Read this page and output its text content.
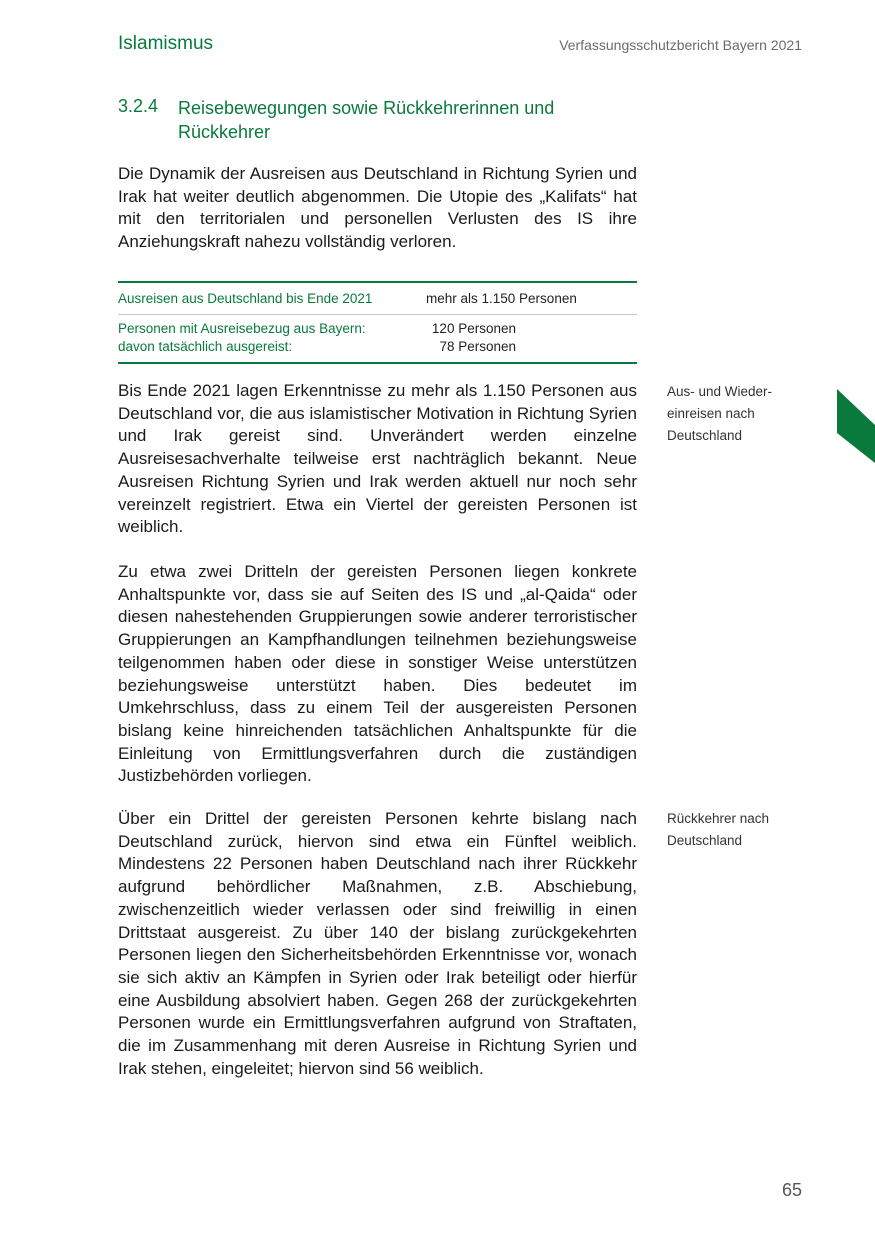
Islamismus	Verfassungsschutzbericht Bayern 2021
3.2.4 Reisebewegungen sowie Rückkehrerinnen und Rückkehrer

Die Dynamik der Ausreisen aus Deutschland in Richtung Syrien und Irak hat weiter deutlich abgenommen. Die Utopie des „Kalifats“ hat mit den territorialen und personellen Verlusten des IS ihre Anziehungskraft nahezu vollständig verloren.

Ausreisen aus Deutschland bis Ende 2021	mehr als 1.150 Personen
Personen mit Ausreisebezug aus Bayern:
davon tatsächlich ausgereist:
120 Personen
78 Personen

Bis Ende 2021 lagen Erkenntnisse zu mehr als 1.150 Personen aus Deutschland vor, die aus islamistischer Motivation in Richtung Syrien und Irak gereist sind. Unverändert werden einzelne Ausreisesachverhalte teilweise erst nachträglich bekannt. Neue Ausreisen Richtung Syrien und Irak werden aktuell nur noch sehr vereinzelt registriert. Etwa ein Viertel der gereisten Personen ist weiblich.

Zu etwa zwei Dritteln der gereisten Personen liegen konkrete Anhaltspunkte vor, dass sie auf Seiten des IS und „al-Qaida“ oder diesen nahestehenden Gruppierungen sowie anderer terroristischer Gruppierungen an Kampfhandlungen teilnehmen beziehungsweise teilgenommen haben oder diese in sonstiger Weise unterstützen beziehungsweise unterstützt haben. Dies bedeutet im Umkehrschluss, dass zu einem Teil der ausgereisten Personen bislang keine hinreichenden tatsächlichen Anhaltspunkte für die Einleitung von Ermittlungsverfahren durch die zuständigen Justizbehörden vorliegen.

Über ein Drittel der gereisten Personen kehrte bislang nach Deutschland zurück, hiervon sind etwa ein Fünftel weiblich. Mindestens 22 Personen haben Deutschland nach ihrer Rückkehr aufgrund behördlicher Maßnahmen, z.B. Abschiebung, zwischenzeitlich wieder verlassen oder sind freiwillig in einen Drittstaat ausgereist. Zu über 140 der bislang zurückgekehrten Personen liegen den Sicherheitsbehörden Erkenntnisse vor, wonach sie sich aktiv an Kämpfen in Syrien oder Irak beteiligt oder hierfür eine Ausbildung absolviert haben. Gegen 268 der zurückgekehrten Personen wurde ein Ermittlungsverfahren aufgrund von Straftaten, die im Zusammenhang mit deren Ausreise in Richtung Syrien und Irak stehen, eingeleitet; hiervon sind 56 weiblich.

Aus- und Wieder-
einreisen nach
Deutschland
Rückkehrer nach
Deutschland
65
